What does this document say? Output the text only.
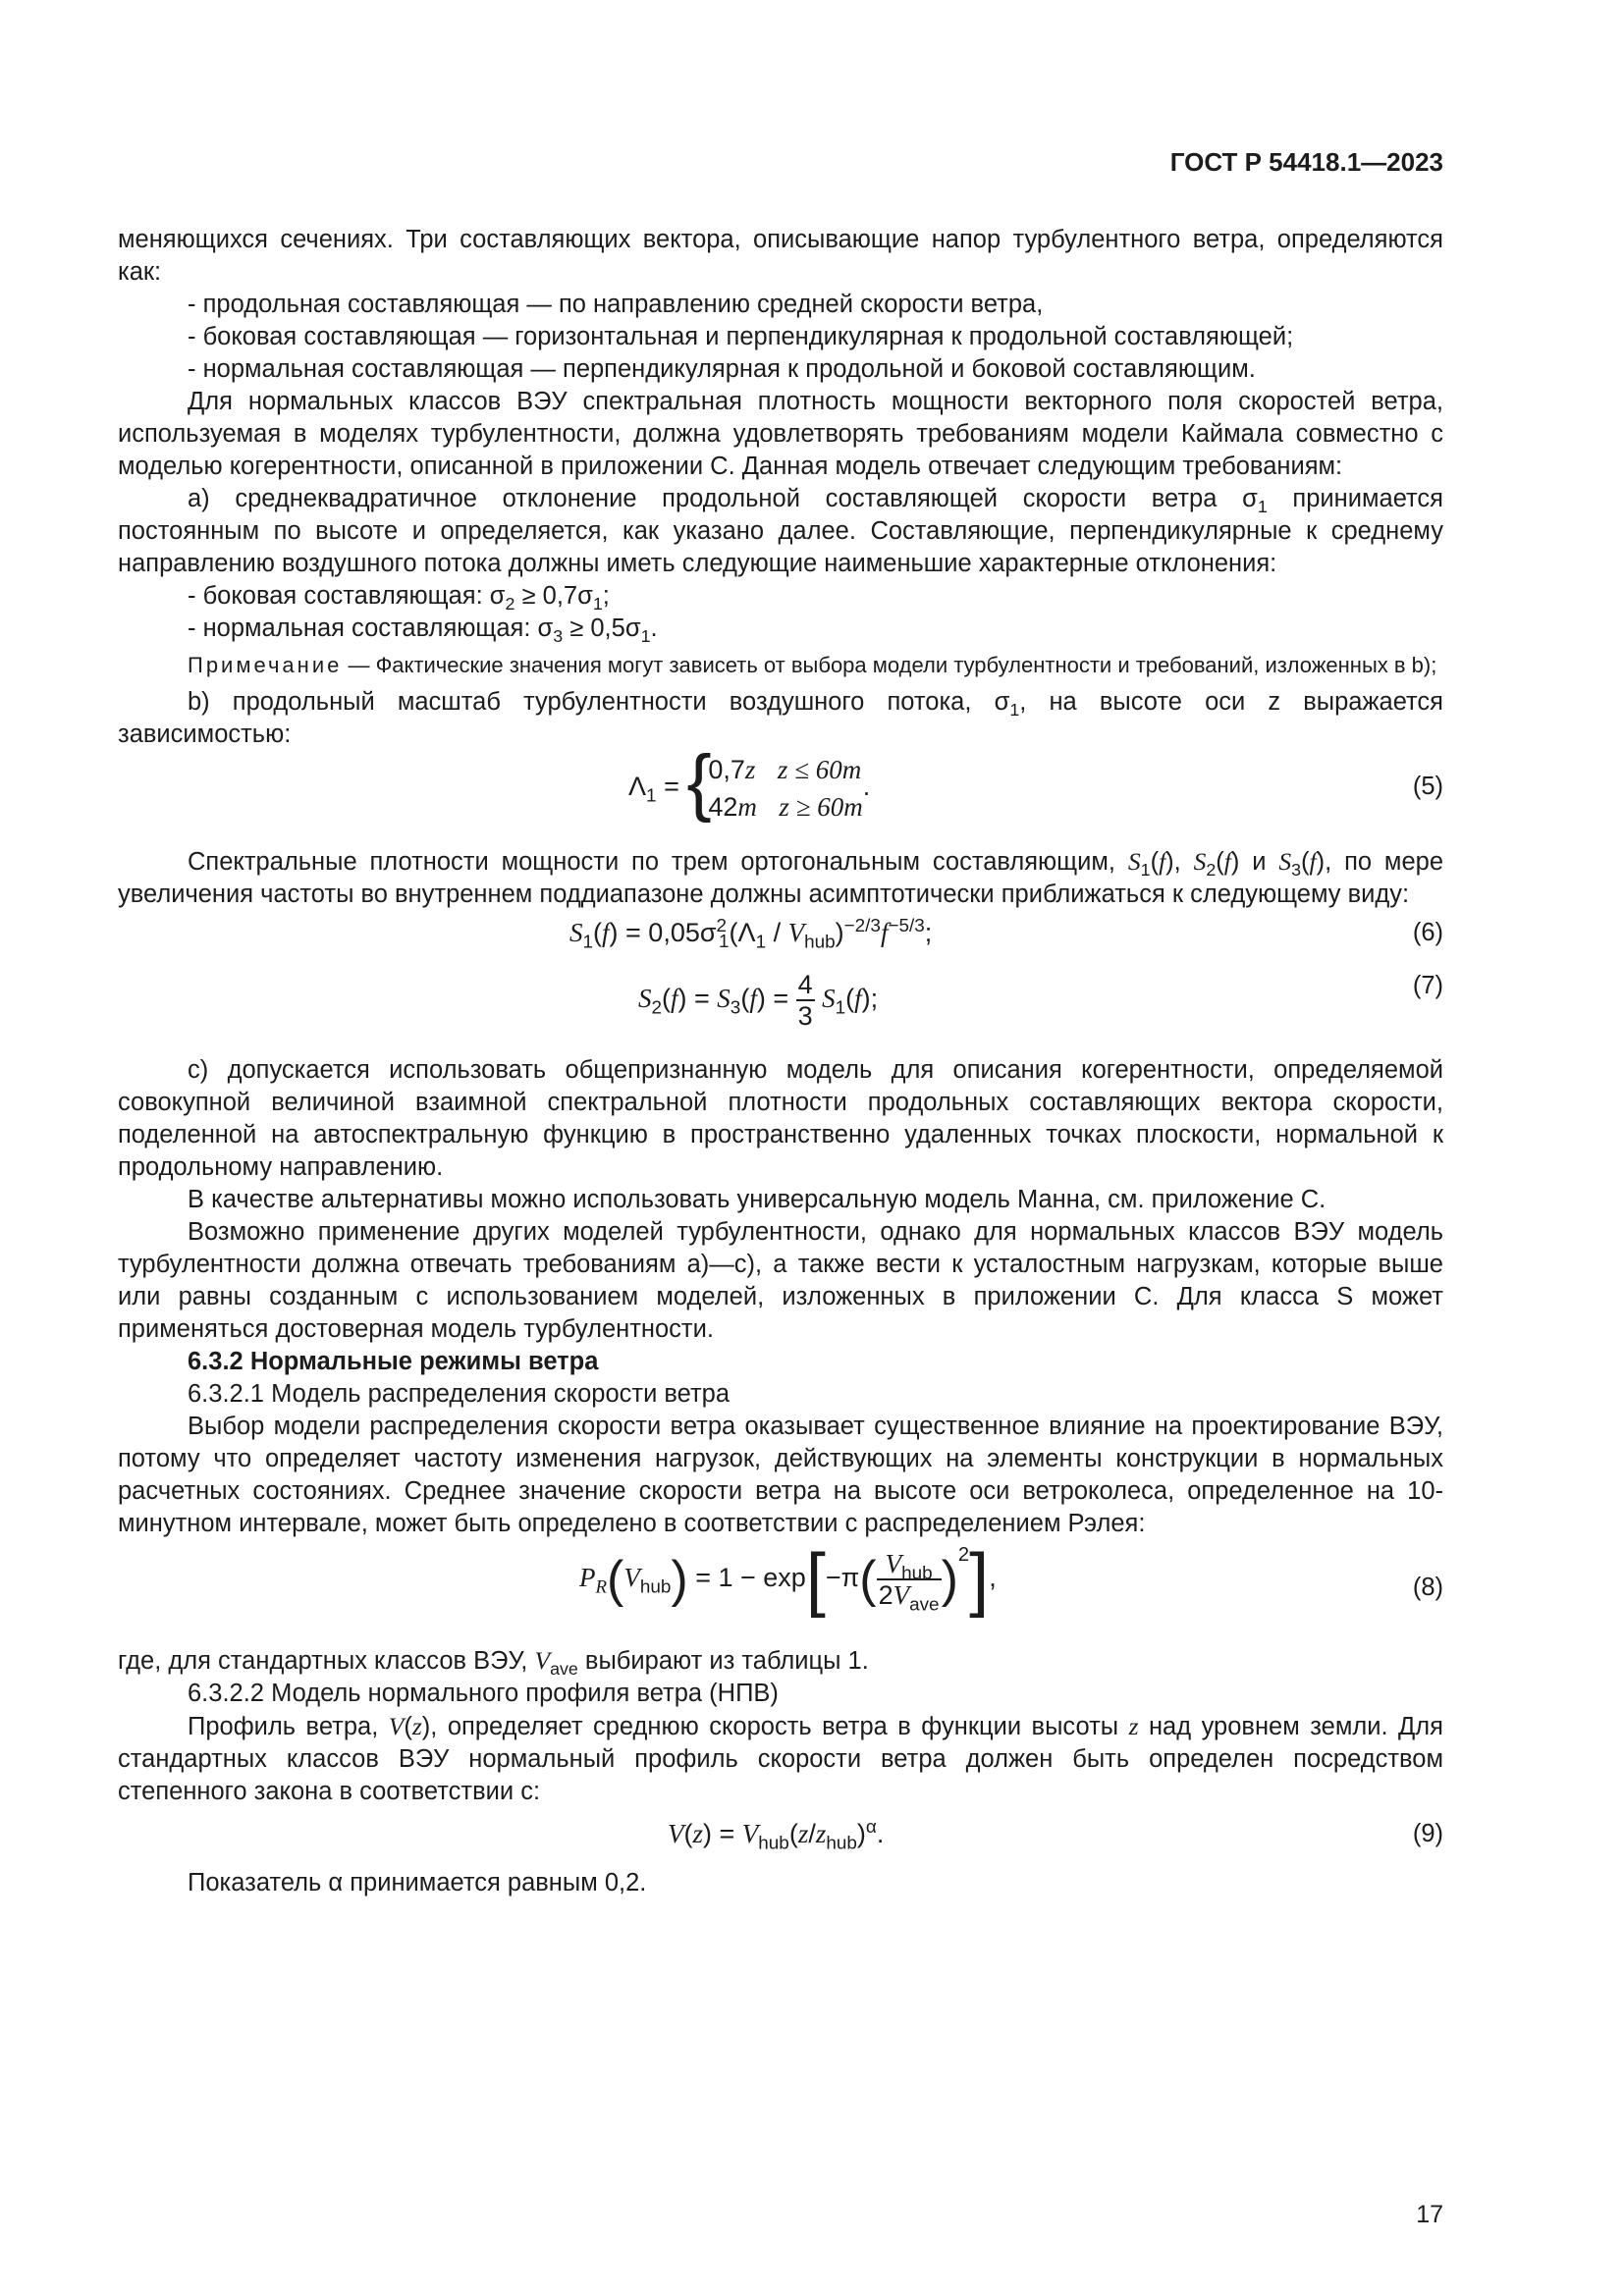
ГОСТ Р 54418.1—2023

меняющихся сечениях. Три составляющих вектора, описывающие напор турбулентного ветра, определяются как:

- продольная составляющая — по направлению средней скорости ветра,

- боковая составляющая — горизонтальная и перпендикулярная к продольной составляющей;

- нормальная составляющая — перпендикулярная к продольной и боковой составляющим.

Для нормальных классов ВЭУ спектральная плотность мощности векторного поля скоростей ветра, используемая в моделях турбулентности, должна удовлетворять требованиям модели Каймала совместно с моделью когерентности, описанной в приложении С. Данная модель отвечает следующим требованиям:

а) среднеквадратичное отклонение продольной составляющей скорости ветра $\sigma_1$ принимается постоянным по высоте и определяется, как указано далее. Составляющие, перпендикулярные к среднему направлению воздушного потока должны иметь следующие наименьшие характерные отклонения:

- боковая составляющая: $\sigma_2 \ge 0,7\sigma_1$;

- нормальная составляющая: $\sigma_3 \ge 0,5\sigma_1$.

Примечание — Фактические значения могут зависеть от выбора модели турбулентности и требований, изложенных в b);

b) продольный масштаб турбулентности воздушного потока, $\sigma_1$, на высоте оси z выражается зависимостью:

$\Lambda_1$ = {
0,7z z ≤ 60m
42m z ≥ 60m
.	(5)

Спектральные плотности мощности по трем ортогональным составляющим, $S_1(f)$, $S_2(f)$ и $S_3(f)$, по мере увеличения частоты во внутреннем поддиапазоне должны асимптотически приближаться к следующему виду:

$S_1(f) = 0,05\sigma^2_1(\Lambda_1 / V_{hub})^{-2/3}f^{-5/3}$;	(6)
$S_2(f) = S_3(f) = \frac{4}{3} S_1(f)$;	(7)

с) допускается использовать общепризнанную модель для описания когерентности, определяемой совокупной величиной взаимной спектральной плотности продольных составляющих вектора скорости, поделенной на автоспектральную функцию в пространственно удаленных точках плоскости, нормальной к продольному направлению.

В качестве альтернативы можно использовать универсальную модель Манна, см. приложение С.

Возможно применение других моделей турбулентности, однако для нормальных классов ВЭУ модель турбулентности должна отвечать требованиям а)—с), а также вести к усталостным нагрузкам, которые выше или равны созданным с использованием моделей, изложенных в приложении С. Для класса S может применяться достоверная модель турбулентности.

6.3.2 Нормальные режимы ветра

6.3.2.1 Модель распределения скорости ветра

Выбор модели распределения скорости ветра оказывает существенное влияние на проектирование ВЭУ, потому что определяет частоту изменения нагрузок, действующих на элементы конструкции в нормальных расчетных состояниях. Среднее значение скорости ветра на высоте оси ветроколеса, определенное на 10-минутном интервале, может быть определено в соответствии с распределением Рэлея:

$P_R(V_{hub}) = 1 - \exp[-\pi( \frac{V_{hub}}{2V_{ave}} )^2]$,	(8)

где, для стандартных классов ВЭУ, $V_{ave}$ выбирают из таблицы 1.

6.3.2.2 Модель нормального профиля ветра (НПВ)

Профиль ветра, V(z), определяет среднюю скорость ветра в функции высоты z над уровнем земли. Для стандартных классов ВЭУ нормальный профиль скорости ветра должен быть определен посредством степенного закона в соответствии с:

$V(z) = V_{hub}(z/z_{hub})^\alpha$.	(9)

Показатель α принимается равным 0,2.

17
